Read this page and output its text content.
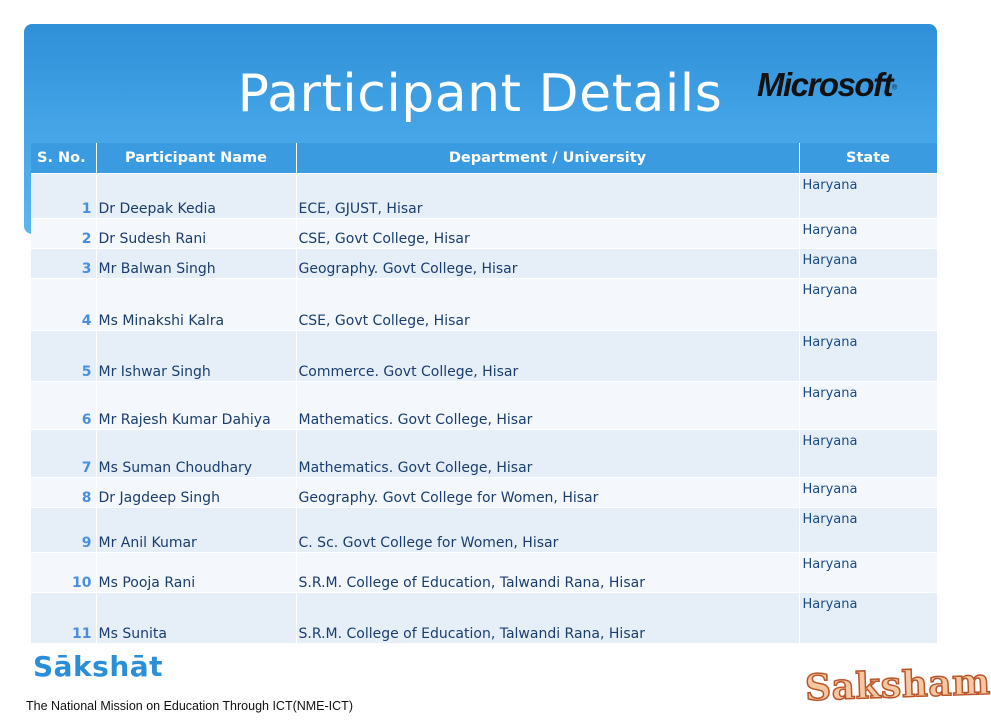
Participant Details	Microsoft®
S. No.	Participant Name	Department / University	State
1	Dr Deepak Kedia	ECE, GJUST, Hisar	Haryana
2	Dr Sudesh Rani	CSE, Govt College, Hisar	Haryana
3	Mr Balwan Singh	Geography. Govt College, Hisar	Haryana
4	Ms Minakshi Kalra	CSE, Govt College, Hisar	Haryana
5	Mr Ishwar Singh	Commerce. Govt College, Hisar	Haryana
6	Mr Rajesh Kumar Dahiya	Mathematics. Govt College, Hisar	Haryana
7	Ms Suman Choudhary	Mathematics. Govt College, Hisar	Haryana
8	Dr Jagdeep Singh	Geography. Govt College for Women, Hisar	Haryana
9	Mr Anil Kumar	C. Sc. Govt College for Women, Hisar	Haryana
10	Ms Pooja Rani	S.R.M. College of Education, Talwandi Rana, Hisar	Haryana
11	Ms Sunita	S.R.M. College of Education, Talwandi Rana, Hisar	Haryana
Sākshāt
The National Mission on Education Through ICT(NME-ICT)	Saksham
